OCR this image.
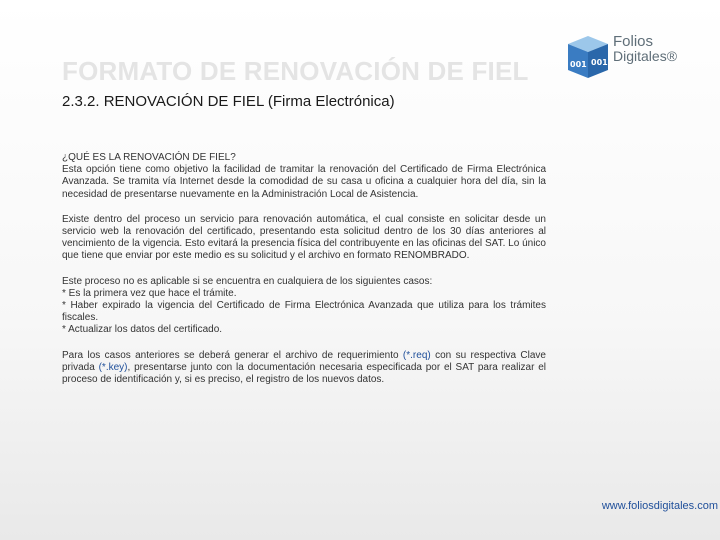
FORMATO DE RENOVACIÓN DE FIEL
2.3.2. RENOVACIÓN DE FIEL (Firma Electrónica)
001 001
Folios
Digitales®

¿QUÉ ES LA RENOVACIÓN DE FIEL?
Esta opción tiene como objetivo la facilidad de tramitar la renovación del Certificado de Firma Electrónica Avanzada. Se tramita vía Internet desde la comodidad de su casa u oficina a cualquier hora del día, sin la necesidad de presentarse nuevamente en la Administración Local de Asistencia.

Existe dentro del proceso un servicio para renovación automática, el cual consiste en solicitar desde un servicio web la renovación del certificado, presentando esta solicitud dentro de los 30 días anteriores al vencimiento de la vigencia. Esto evitará la presencia física del contribuyente en las oficinas del SAT. Lo único que tiene que enviar por este medio es su solicitud y el archivo en formato RENOMBRADO.

Este proceso no es aplicable si se encuentra en cualquiera de los siguientes casos:
* Es la primera vez que hace el trámite.
* Haber expirado la vigencia del Certificado de Firma Electrónica Avanzada que utiliza para los trámites fiscales.
* Actualizar los datos del certificado.

Para los casos anteriores se deberá generar el archivo de requerimiento (*.req) con su respectiva Clave privada (*.key), presentarse junto con la documentación necesaria especificada por el SAT para realizar el proceso de identificación y, si es preciso, el registro de los nuevos datos.

www.foliosdigitales.com
